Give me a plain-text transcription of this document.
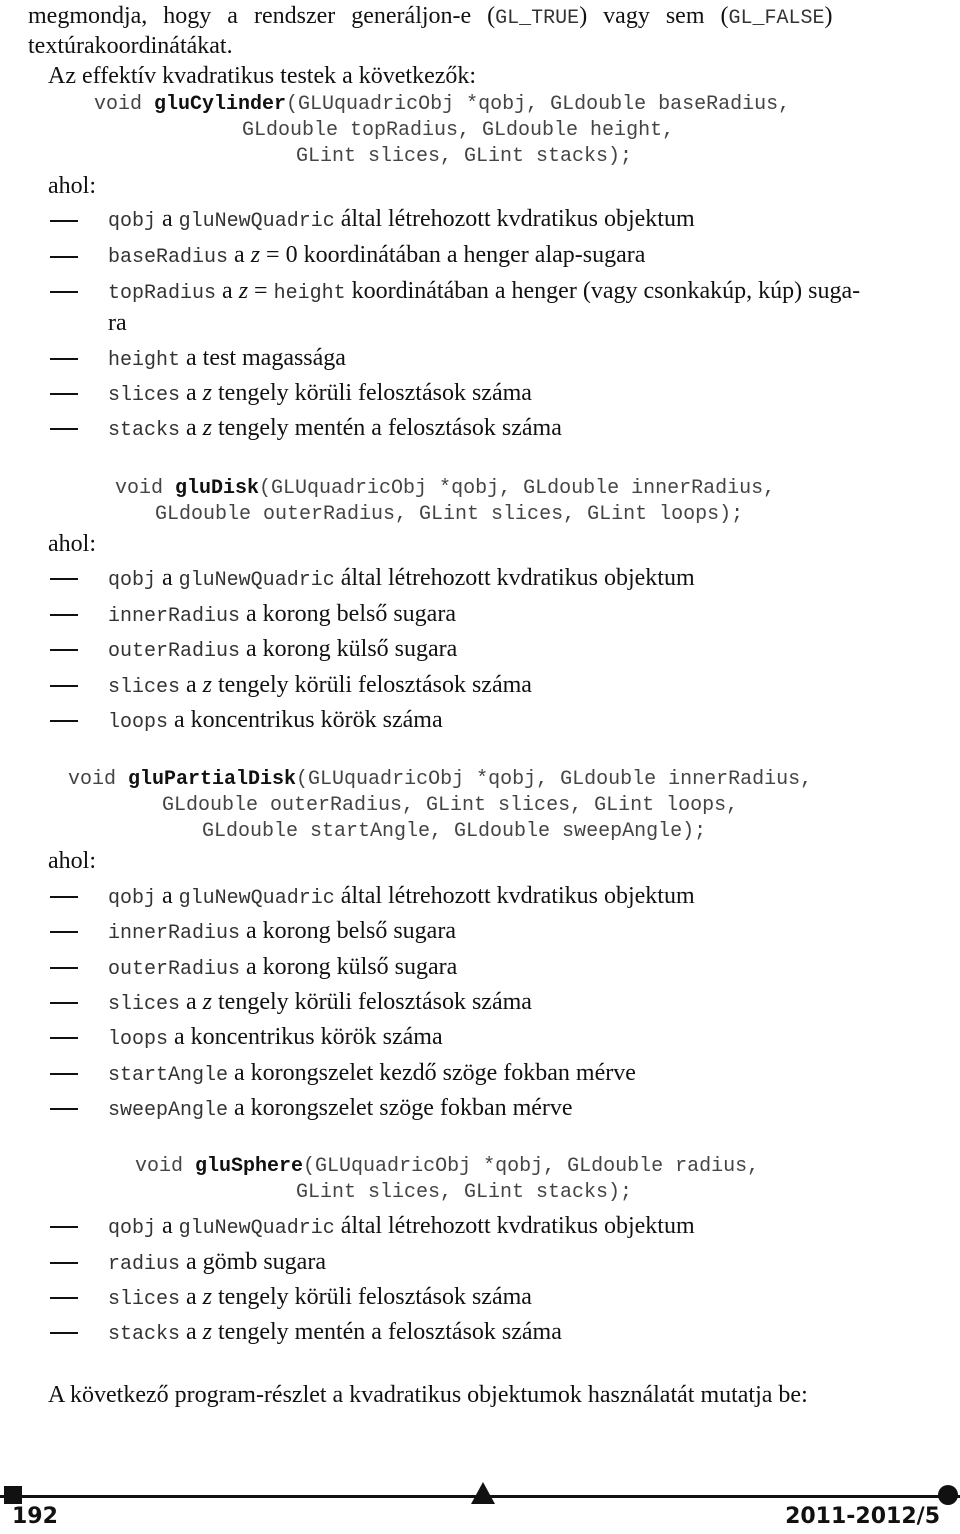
megmondja,  hogy  a  rendszer  generáljon-e  (GL_TRUE)  vagy  sem  (GL_FALSE)
textúrakoordinátákat.
Az effektív kvadratikus testek a következők:
void gluCylinder(GLUquadricObj *qobj, GLdouble baseRadius,
GLdouble topRadius, GLdouble height,
GLint slices, GLint stacks);
ahol:
qobj a gluNewQuadric által létrehozott kvdratikus objektum
baseRadius a z = 0 koordinátában a henger alap-sugara
topRadius a z = height koordinátában a henger (vagy csonkakúp, kúp) suga-
ra
height a test magassága
slices a z tengely körüli felosztások száma
stacks a z tengely mentén a felosztások száma
void gluDisk(GLUquadricObj *qobj, GLdouble innerRadius,
GLdouble outerRadius, GLint slices, GLint loops);
ahol:
qobj a gluNewQuadric által létrehozott kvdratikus objektum
innerRadius a korong belső sugara
outerRadius a korong külső sugara
slices a z tengely körüli felosztások száma
loops a koncentrikus körök száma
void gluPartialDisk(GLUquadricObj *qobj, GLdouble innerRadius,
GLdouble outerRadius, GLint slices, GLint loops,
GLdouble startAngle, GLdouble sweepAngle);
ahol:
qobj a gluNewQuadric által létrehozott kvdratikus objektum
innerRadius a korong belső sugara
outerRadius a korong külső sugara
slices a z tengely körüli felosztások száma
loops a koncentrikus körök száma
startAngle a korongszelet kezdő szöge fokban mérve
sweepAngle a korongszelet szöge fokban mérve
void gluSphere(GLUquadricObj *qobj, GLdouble radius,
GLint slices, GLint stacks);
qobj a gluNewQuadric által létrehozott kvdratikus objektum
radius a gömb sugara
slices a z tengely körüli felosztások száma
stacks a z tengely mentén a felosztások száma
A következő program-részlet a kvadratikus objektumok használatát mutatja be:
192	2011-2012/5
